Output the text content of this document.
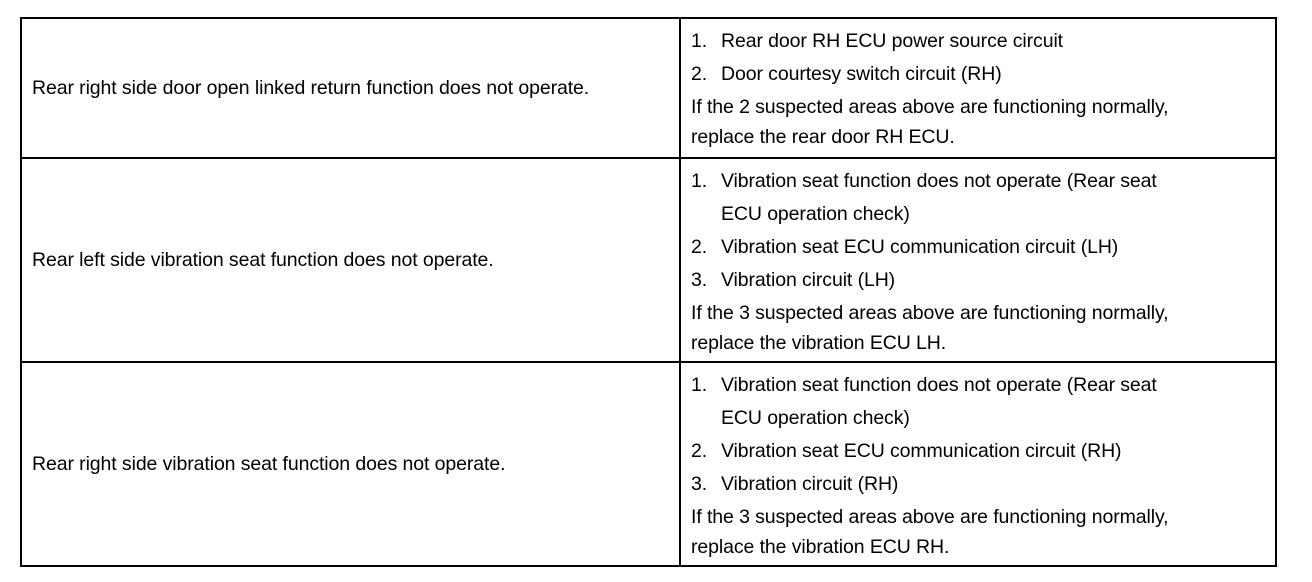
Rear right side door open linked return function does not operate.
1. Rear door RH ECU power source circuit
2. Door courtesy switch circuit (RH)
If the 2 suspected areas above are functioning normally,
replace the rear door RH ECU.
Rear left side vibration seat function does not operate.
1. Vibration seat function does not operate (Rear seat
ECU operation check)
2. Vibration seat ECU communication circuit (LH)
3. Vibration circuit (LH)
If the 3 suspected areas above are functioning normally,
replace the vibration ECU LH.
Rear right side vibration seat function does not operate.
1. Vibration seat function does not operate (Rear seat
ECU operation check)
2. Vibration seat ECU communication circuit (RH)
3. Vibration circuit (RH)
If the 3 suspected areas above are functioning normally,
replace the vibration ECU RH.
